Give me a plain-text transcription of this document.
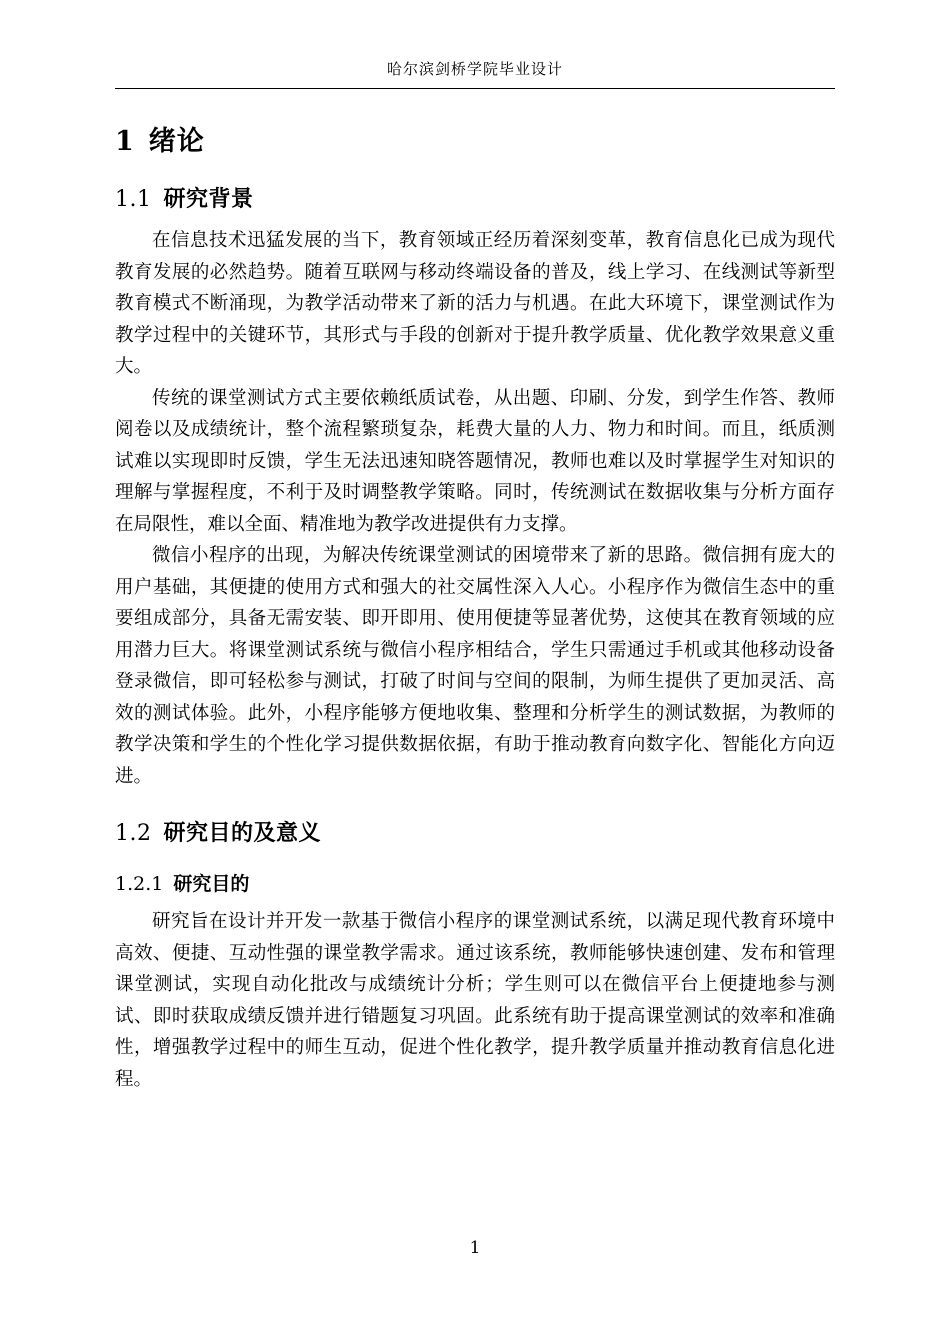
哈尔滨剑桥学院毕业设计
1 绪论
1.1 研究背景

在信息技术迅猛发展的当下，教育领域正经历着深刻变革，教育信息化已成为现代教育发展的必然趋势。随着互联网与移动终端设备的普及，线上学习、在线测试等新型教育模式不断涌现，为教学活动带来了新的活力与机遇。在此大环境下，课堂测试作为教学过程中的关键环节，其形式与手段的创新对于提升教学质量、优化教学效果意义重大。

传统的课堂测试方式主要依赖纸质试卷，从出题、印刷、分发，到学生作答、教师阅卷以及成绩统计，整个流程繁琐复杂，耗费大量的人力、物力和时间。而且，纸质测试难以实现即时反馈，学生无法迅速知晓答题情况，教师也难以及时掌握学生对知识的理解与掌握程度，不利于及时调整教学策略。同时，传统测试在数据收集与分析方面存在局限性，难以全面、精准地为教学改进提供有力支撑。

微信小程序的出现，为解决传统课堂测试的困境带来了新的思路。微信拥有庞大的用户基础，其便捷的使用方式和强大的社交属性深入人心。小程序作为微信生态中的重要组成部分，具备无需安装、即开即用、使用便捷等显著优势，这使其在教育领域的应用潜力巨大。将课堂测试系统与微信小程序相结合，学生只需通过手机或其他移动设备登录微信，即可轻松参与测试，打破了时间与空间的限制，为师生提供了更加灵活、高效的测试体验。此外，小程序能够方便地收集、整理和分析学生的测试数据，为教师的教学决策和学生的个性化学习提供数据依据，有助于推动教育向数字化、智能化方向迈进。

1.2 研究目的及意义
1.2.1 研究目的

研究旨在设计并开发一款基于微信小程序的课堂测试系统，以满足现代教育环境中高效、便捷、互动性强的课堂教学需求。通过该系统，教师能够快速创建、发布和管理课堂测试，实现自动化批改与成绩统计分析；学生则可以在微信平台上便捷地参与测试、即时获取成绩反馈并进行错题复习巩固。此系统有助于提高课堂测试的效率和准确性，增强教学过程中的师生互动，促进个性化教学，提升教学质量并推动教育信息化进程。

1
